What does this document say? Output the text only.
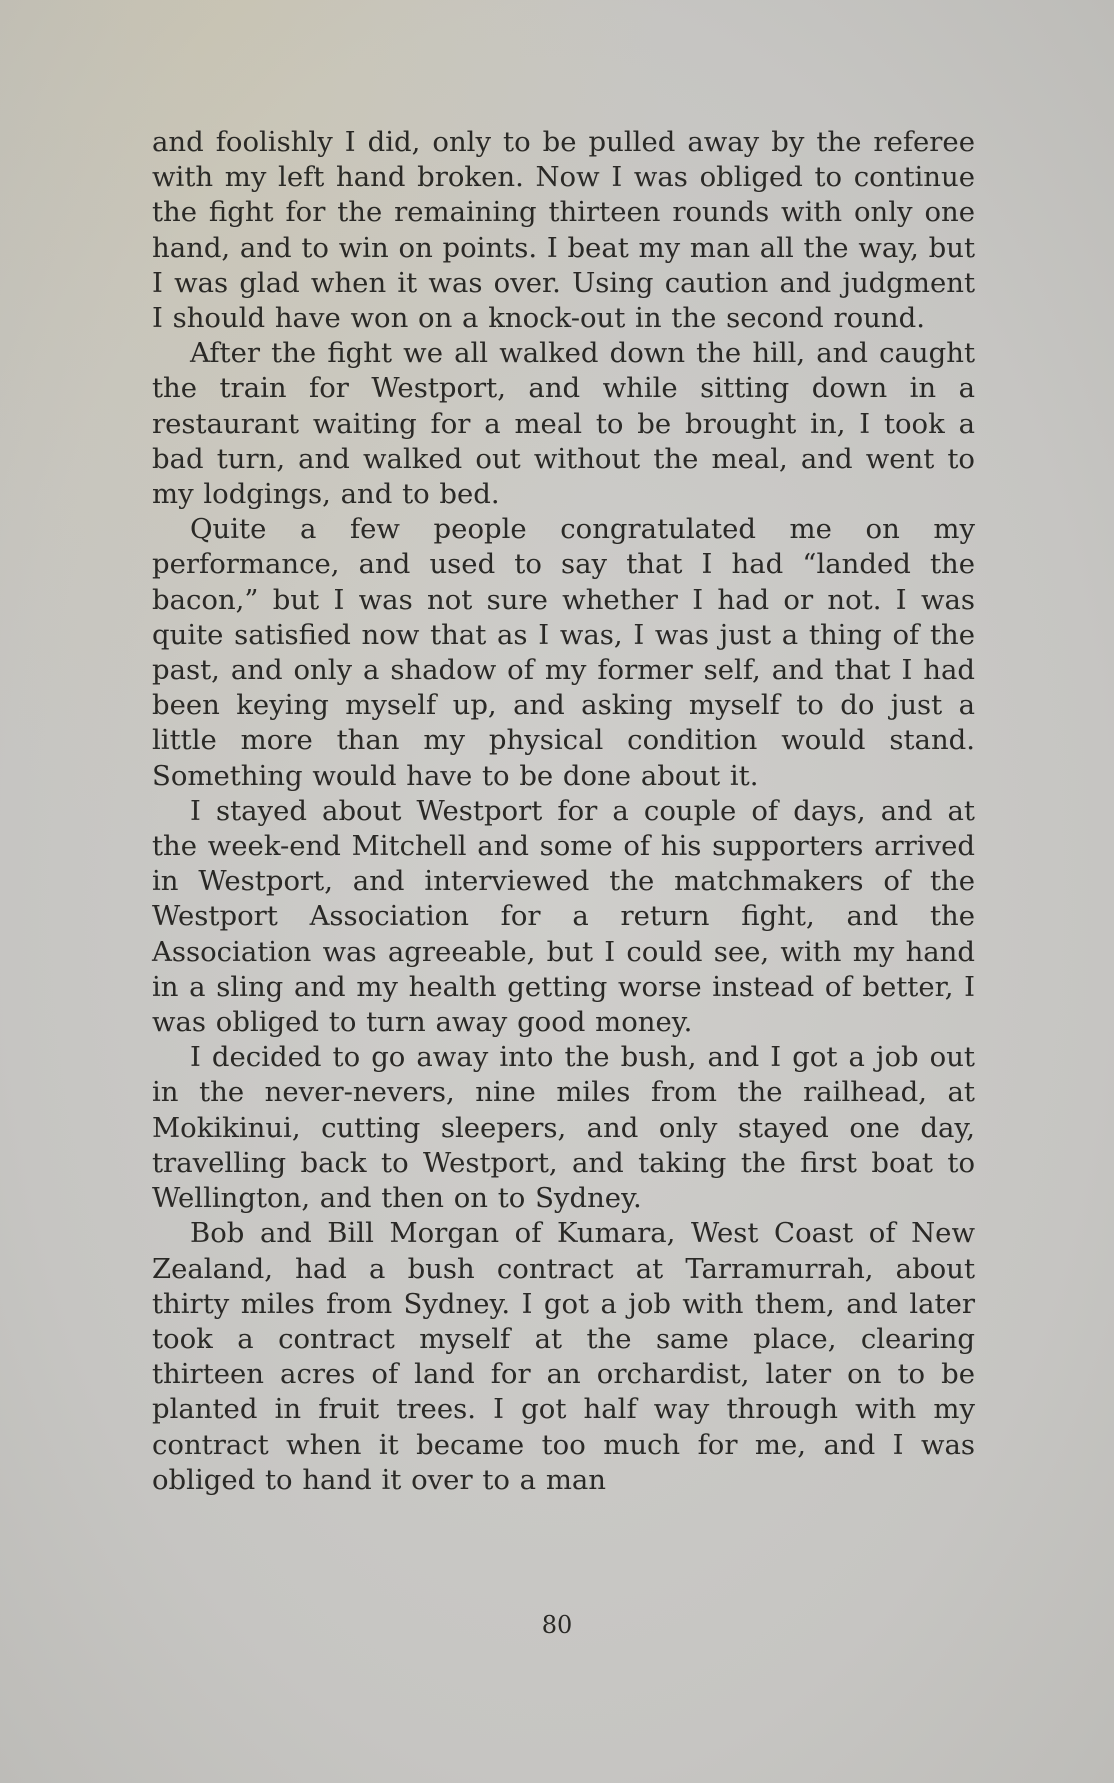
and foolishly I did, only to be pulled away by the referee with my left hand broken. Now I was obliged to continue the fight for the remaining thirteen rounds with only one hand, and to win on points. I beat my man all the way, but I was glad when it was over. Using caution and judgment I should have won on a knock-out in the second round.

After the fight we all walked down the hill, and caught the train for Westport, and while sitting down in a restaurant waiting for a meal to be brought in, I took a bad turn, and walked out without the meal, and went to my lodgings, and to bed.

Quite a few people congratulated me on my performance, and used to say that I had “landed the bacon,” but I was not sure whether I had or not. I was quite satisfied now that as I was, I was just a thing of the past, and only a shadow of my former self, and that I had been keying myself up, and asking myself to do just a little more than my physical condition would stand. Something would have to be done about it.

I stayed about Westport for a couple of days, and at the week-end Mitchell and some of his supporters arrived in Westport, and interviewed the matchmakers of the Westport Association for a return fight, and the Association was agreeable, but I could see, with my hand in a sling and my health getting worse instead of better, I was obliged to turn away good money.

I decided to go away into the bush, and I got a job out in the never-nevers, nine miles from the railhead, at Mokikinui, cutting sleepers, and only stayed one day, travelling back to Westport, and taking the first boat to Wellington, and then on to Sydney.

Bob and Bill Morgan of Kumara, West Coast of New Zealand, had a bush contract at Tarramurrah, about thirty miles from Sydney. I got a job with them, and later took a contract myself at the same place, clearing thirteen acres of land for an orchardist, later on to be planted in fruit trees. I got half way through with my contract when it became too much for me, and I was obliged to hand it over to a man

80
